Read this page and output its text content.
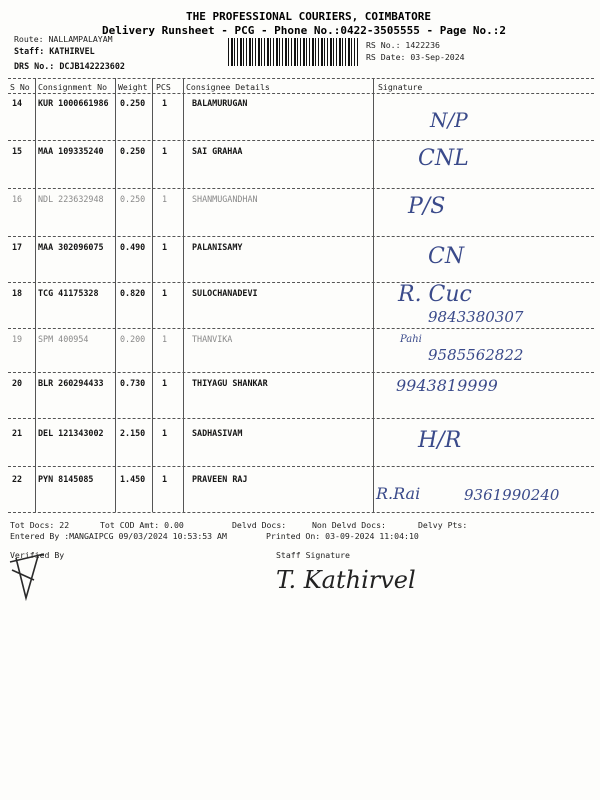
THE PROFESSIONAL COURIERS, COIMBATORE
Delivery Runsheet - PCG - Phone No.:0422-3505555 - Page No.:2
Route: NALLAMPALAYAM
Staff: KATHIRVEL
DRS No.: DCJB142223602
RS No.: 1422236
RS Date: 03-Sep-2024
S No Consignment No Weight PCS Consignee Details	Signature
14 KUR 1000661986 0.250 1	BALAMURUGAN
N/P
15 MAA 109335240 0.250 1	SAI GRAHAA	CNL
16 NDL 223632948 0.250 1	SHANMUGANDHAN	P/S
17 MAA 302096075 0.490 1	PALANISAMY	CN
18 TCG 41175328	0.820 1	SULOCHANADEVI	R. Cuc
9843380307
19 SPM 400954	0.200 1	THANVIKA	Pahi
9585562822
20 BLR 260294433 0.730 1	THIYAGU SHANKAR	9943819999
21 DEL 121343002 2.150 1	SADHASIVAM	H/R
22 PYN 8145085	1.450 1	PRAVEEN RAJ
R.Rai	9361990240
Tot Docs: 22	Tot COD Amt: 0.00	Delvd Docs:	Non Delvd Docs:	Delvy Pts:
Entered By :MANGAIPCG 09/03/2024 10:53:53 AM	Printed On: 03-09-2024 11:04:10
Verified By	Staff Signature
T. Kathirvel
